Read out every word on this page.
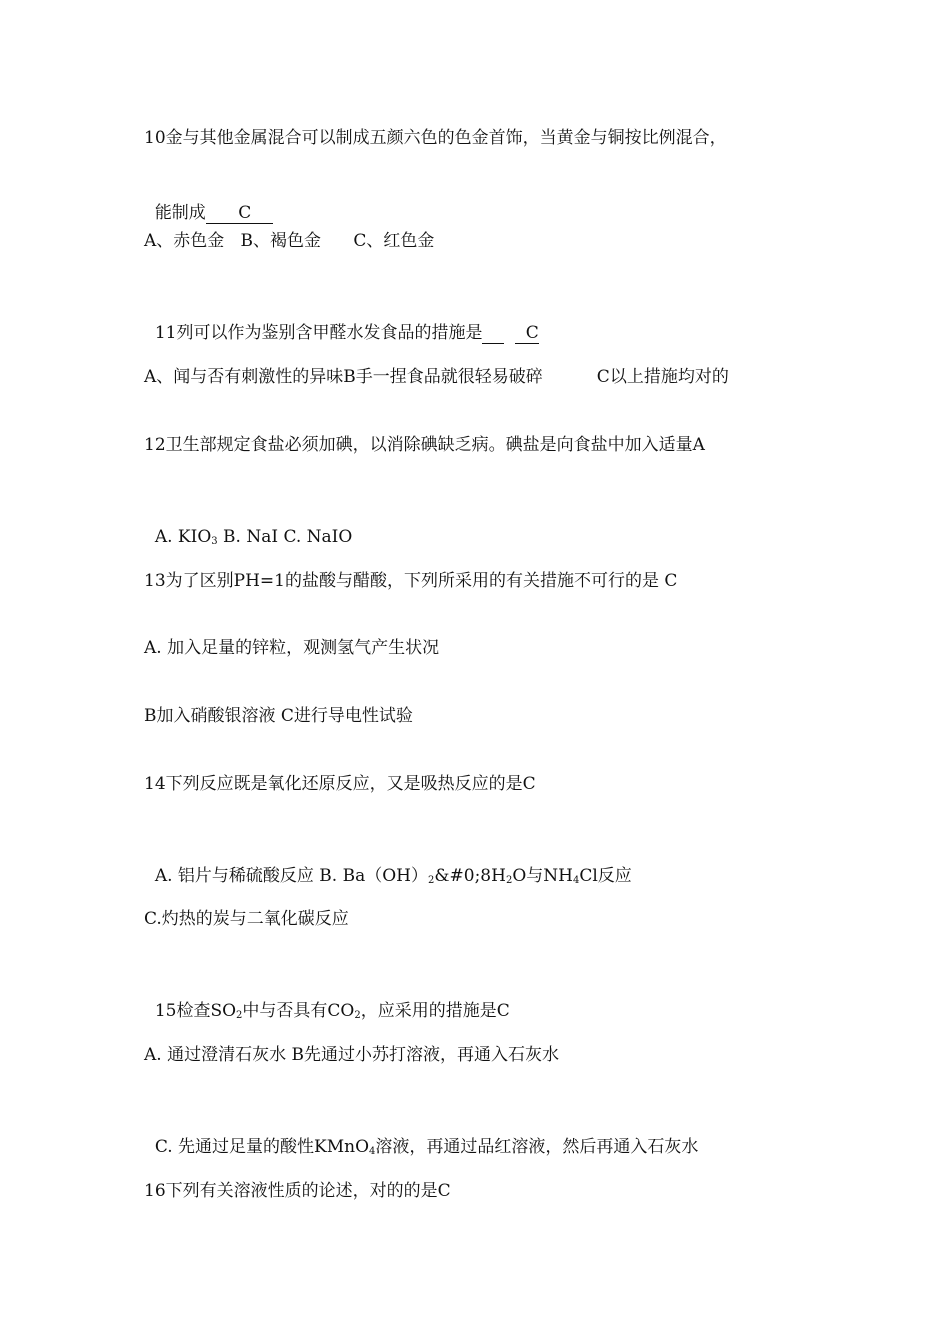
10金与其他金属混合可以制成五颜六色的色金首饰，当黄金与铜按比例混合，

能制成      C

A、赤色金   B、褐色金      C、红色金

11列可以作为鉴别含甲醛水发食品的措施是        C

A、闻与否有刺激性的异味B手一捏食品就很轻易破碎          C以上措施均对的
12卫生部规定食盐必须加碘，以消除碘缺乏病。碘盐是向食盐中加入适量A

A. $KIO_3$ B. NaI C. NaIO

13为了区别PH=1的盐酸与醋酸，下列所采用的有关措施不可行的是 C
A. 加入足量的锌粒，观测氢气产生状况
B加入硝酸银溶液 C进行导电性试验
14下列反应既是氧化还原反应，又是吸热反应的是C

A. 铝片与稀硫酸反应 B. $Ba(OH)_2\&\#0;8H_2O$与$NH_4Cl$反应

C.灼热的炭与二氧化碳反应

15检查$SO_2$中与否具有$CO_2$，应采用的措施是C

A. 通过澄清石灰水 B先通过小苏打溶液，再通入石灰水

C. 先通过足量的酸性KMnO$_4$溶液，再通过品红溶液，然后再通入石灰水

16下列有关溶液性质的论述，对的的是C
